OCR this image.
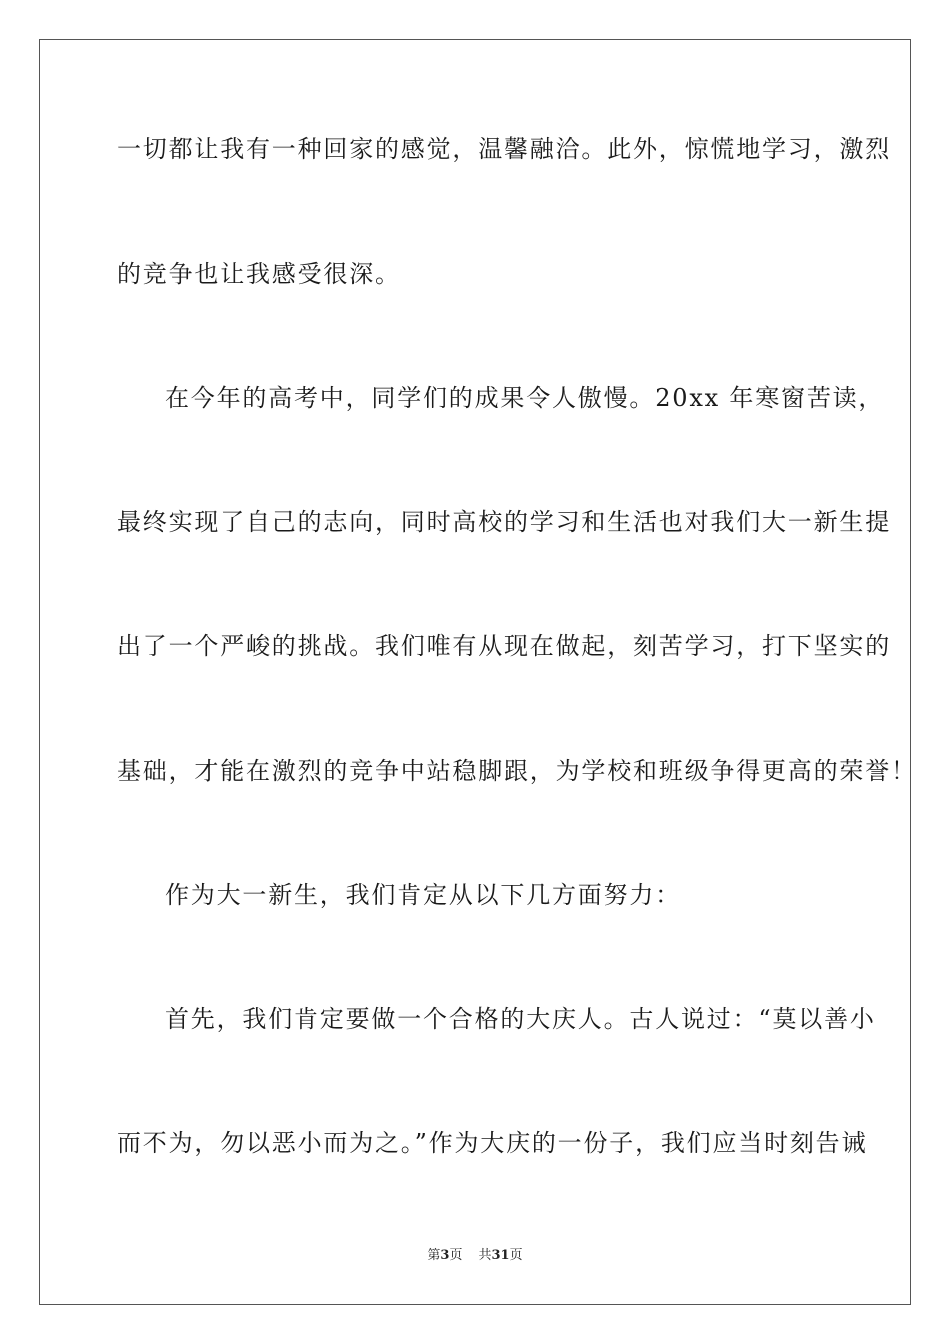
一切都让我有一种回家的感觉，温馨融洽。此外，惊慌地学习，激烈
的竞争也让我感受很深。
在今年的高考中，同学们的成果令人傲慢。20xx 年寒窗苦读，
最终实现了自己的志向，同时高校的学习和生活也对我们大一新生提
出了一个严峻的挑战。我们唯有从现在做起，刻苦学习，打下坚实的
基础，才能在激烈的竞争中站稳脚跟，为学校和班级争得更高的荣誉！
作为大一新生，我们肯定从以下几方面努力：
首先，我们肯定要做一个合格的大庆人。古人说过：“莫以善小
而不为，勿以恶小而为之。”作为大庆的一份子，我们应当时刻告诫
第3页 共31页
